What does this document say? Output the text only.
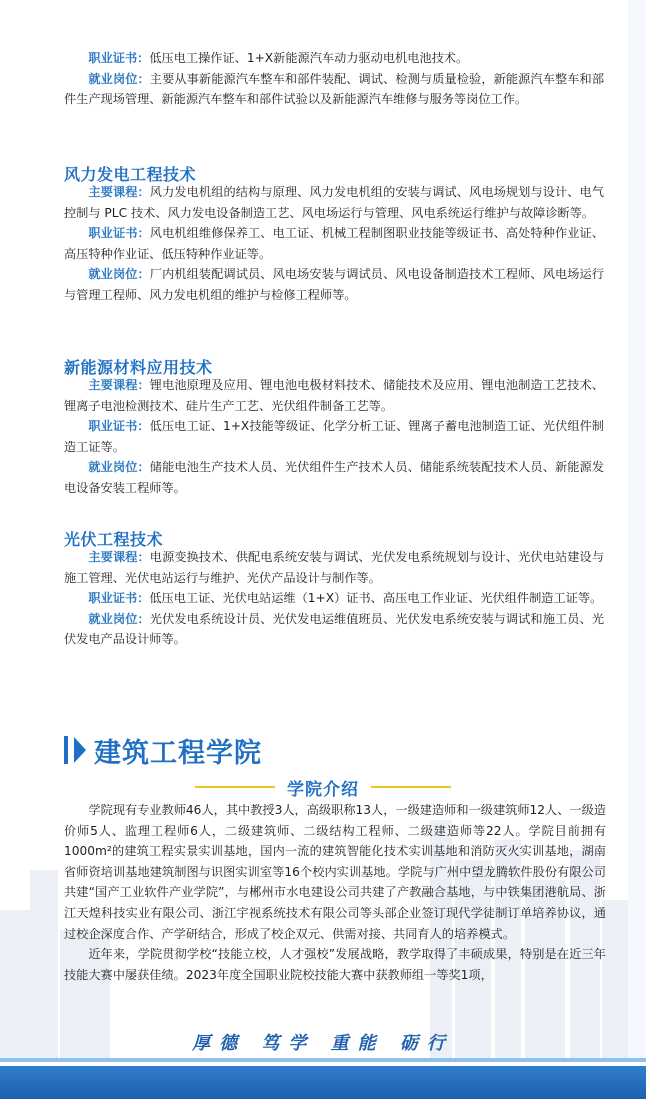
职业证书：低压电工操作证、1+X新能源汽车动力驱动电机电池技术。

就业岗位：主要从事新能源汽车整车和部件装配、调试、检测与质量检验，新能源汽车整车和部件生产现场管理、新能源汽车整车和部件试验以及新能源汽车维修与服务等岗位工作。

风力发电工程技术

主要课程：风力发电机组的结构与原理、风力发电机组的安装与调试、风电场规划与设计、电气控制与 PLC 技术、风力发电设备制造工艺、风电场运行与管理、风电系统运行维护与故障诊断等。

职业证书：风电机组维修保养工、电工证、机械工程制图职业技能等级证书、高处特种作业证、高压特种作业证、低压特种作业证等。

就业岗位：厂内机组装配调试员、风电场安装与调试员、风电设备制造技术工程师、风电场运行与管理工程师、风力发电机组的维护与检修工程师等。

新能源材料应用技术

主要课程：锂电池原理及应用、锂电池电极材料技术、储能技术及应用、锂电池制造工艺技术、锂离子电池检测技术、硅片生产工艺、光伏组件制备工艺等。

职业证书：低压电工证、1+X技能等级证、化学分析工证、锂离子蓄电池制造工证、光伏组件制造工证等。

就业岗位：储能电池生产技术人员、光伏组件生产技术人员、储能系统装配技术人员、新能源发电设备安装工程师等。

光伏工程技术

主要课程：电源变换技术、供配电系统安装与调试、光伏发电系统规划与设计、光伏电站建设与施工管理、光伏电站运行与维护、光伏产品设计与制作等。

职业证书：低压电工证、光伏电站运维（1+X）证书、高压电工作业证、光伏组件制造工证等。

就业岗位：光伏发电系统设计员、光伏发电运维值班员、光伏发电系统安装与调试和施工员、光伏发电产品设计师等。

建筑工程学院
学院介绍

学院现有专业教师46人，其中教授3人，高级职称13人，一级建造师和一级建筑师12人、一级造价师5人、监理工程师6人，二级建筑师、二级结构工程师、二级建造师等22人。学院目前拥有1000m²的建筑工程实景实训基地，国内一流的建筑智能化技术实训基地和消防灭火实训基地，湖南省师资培训基地建筑制图与识图实训室等16个校内实训基地。学院与广州中望龙腾软件股份有限公司共建“国产工业软件产业学院”，与郴州市水电建设公司共建了产教融合基地，与中铁集团港航局、浙江天煌科技实业有限公司、浙江宇视系统技术有限公司等头部企业签订现代学徒制订单培养协议，通过校企深度合作、产学研结合，形成了校企双元、供需对接、共同育人的培养模式。

近年来，学院贯彻学校“技能立校，人才强校”发展战略，教学取得了丰硕成果，特别是在近三年技能大赛中屡获佳绩。2023年度全国职业院校技能大赛中获教师组一等奖1项，

厚德 笃学 重能 砺行
